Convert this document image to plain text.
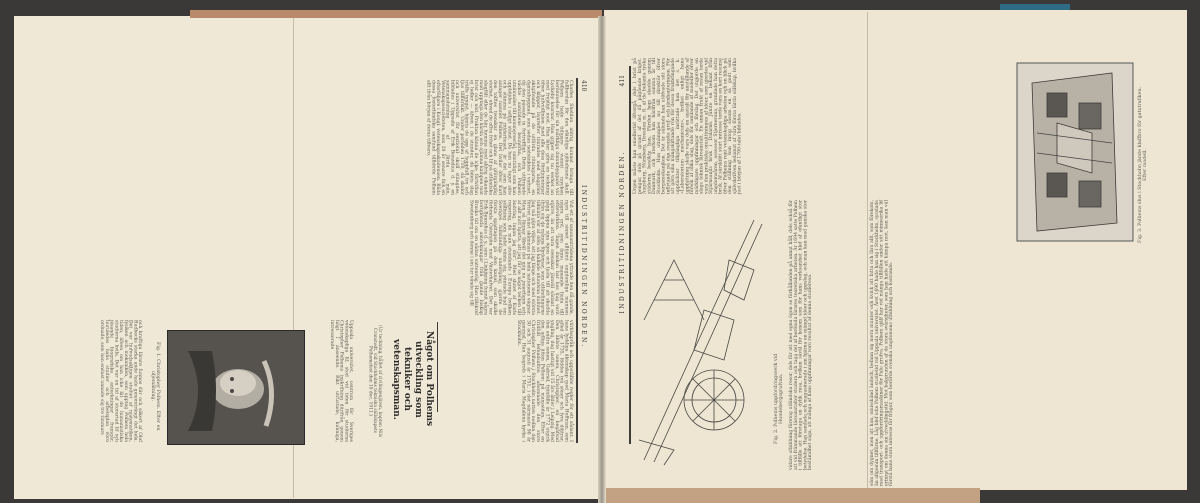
410
INDUSTRITIDNINGEN NORDEN.
Charles Sheldon aldrig kunnat bringa till fullbordan för den oländiga sjöholmens skull. Polhem hade tidigare vunnit mycken berömmelse för sin märkliga dammbyggnad vid Lyckeby kvarnar. Han griper sig nu verket an med frejdigt mod. Han låter göra en teckning öfver hufvudlinien med alla dess fördjupningar och klippor, hvarefter timrades med noggrant aktgifvande på de utförda ritningarna, en dammbyggnad, som sedan nedsänktes i vattnet, då den passade in fortreffligt. Detta utförande väckte samtidens beundran, och Polhem utnämndes till kommerseråd, samtidigt som han upphöjdes i adligt stånd. Då han nu tager säte och stämma på riddarhuset, är det som han antager namnet Polhem. Det hvilar öfver Karl den tolftes tvenskar en glans af oförgänglig storhet, ehvad de offra frihet och lif på utländska slagfält eller de här hemma med aldrig vikande mod upptaga den hårda och ojämna kampen mot brist och nöd. Praktan känna de icke; förtviflan ej heller — äfven i de stunder, då ödets slag träffa tyngst, hämta de upp af hoppfull tro och ljus tillförsikt. Under perioden 1710, då skolor och universitet för sextiotal skull stängdes, bildades i Uppsala af Erik Benzelius d. y. en sammanslutning af lärda män, Vetenskapssocieteten, som 29 år senare fick en efterföljare i Kungl. vetenskapsakademien. Båda dessa fosterländska samfund tillhörde Polhem allt ifrån början af deras tillvaro.
Vid ett af sammanträdena yttrade den då gamle, men till sinnet alltjämt ungdomlige mannen några ord, som ännu manande ljuda till eftervärlden. "Ingen önskan har hos mig varit större, än att vara svenskar jämväl sådant en gång öppna sina ögon och ljuda till att skudda ifrån sig de många fördomar, som utländingarne tillmäta vår af dem så kallade afundsna dumhet. Jag må göra viljen, att jag länge och med största förtret måst skämmas på hela nationens vägnar. Men så fägnar likväl det mig nu innerligen och af allt mitt hjärta, att jag får se något tecken till ändring, innan jag dör". Med slutet af Karls regering, då man utomlands i Europa hvilken ställning som helst vänta sig, väntade bud om Sveriges fullständiga undergång, gjorde de första spadtagen på den kanal, som skulle förbinda Östersjön med Västerhafvet. Det var Erik Benzelius d. y., som i Linköping funnit några bortglömda anteckningar från gamle biskop Brasks tid om en sådan vattenväg. Han tillskref Swedenborg och denne i sin tur vände sig till
världsspråk och uppställde regler för ett sådant. I hans lyckliga äktenskap med Maria Hoffman, som afled år 1735, föddes två söner och fyra döttrar. Den äldste sonen, Christopher, en begåfvad yngling, dog hastigt vid 15 års ålder i Leipzig. Med den andra sonen, Gabriel, fränfälle år 1772 utgick den adliga ätten Polhem på manssidan. Efter en fridfull lefnadsafton afsomnade den store Christopher Polhem i Stockholm natten mellan den 30 och 31 augusti år 1751, i det närmaste 90 år gammal. Han begrofs i Maria Magdalena kyrka i Stockholm.
Något om Polhems utveckling som tekniker och vetenskapsman.
(Ur teckning, hållet af civilingenjören, kapten Nils Cronstedt, vid Stockholms tekniska sällskapets Polhemsfest den 18 dec. 1911.)
Uppsala universitet, centrum för Sveriges vetenskapliga lif, stod vid tiden för studierna Christopher Polhems inskrifning därifrån genom högt i anseende. Rikt utrustade, kunniga, intresserade
Fig. 1. Christopher Polhem. Efter en oljemålning.
och kraftiga lärare funnos där och säkert af Olof Rudbecks starka ande hade genomträngt det hela. Det var hufvudsakligen studiet af matematiken, fysiken och mekaniken, som upptog Polhem hela tiden, äfven om han icke lät de humanistiska studierna hvila. Det var en tid af storartad lif och jäsande biografiska anteckningar framgår, huruledes hans studier och arbetsplan voro ordnade, som han endast unnade sig tre timmars
411
INDUSTRITIDNINGEN NORDEN.
Urgen måste han emellertid öfvergå, dels i brist på pengar, dels på grund af det då pågående kriget. Augsburg, Nürnberg, Dresden m. fl. af de bekanta tyska städerna besökte han. Färden hem skedde genom Danmark, och återkom han härifrån samma år till Stockholm. Han utnämndes nu till direktör öfver bergsmekaniken. Det är sålunda han utöfvade sitt stora inflytande på den svenska gruf- och järnhanteringen. För att göra sina mångskiftande rön för dessa frukbringande upptäckter tillgängliga inrättade han det s. k. »Laboratorium mechanicum», hvilket enligt hans uppfattning skulle vara dels en anstalt för anställande af försök af olika slag, dels för samlande af modeller öfver märkligare uppfinningar och förslag. Det utgjorde en slags teknisk läroanstalt. En annan frukt af resan torde vara den praktiska omsättningen af idéer, som gjordes vid Stjärnsunds bruk i Dalarne. Jämte en bekant från ungdomsåren, assessor Stjernerona, grundade han detta bruk. Af särskildt stort intresse torde vara en kort resumé öfver Polhems rent vetenskapliga arbeten och en blick på den ställning han intog såsom en så godt som självskrifven ledamot af våra första lärda sällskap, hvilka just i början af 1700-talet bildades.
Fig. 2. Polhems uppfordringsverk vid Humlebergsgrufvan.	vidare utbildning företog utländska resor, dels för att med egna ögon se förhållanden på annat håll, dels också för att vid främmande läroanstalter studera och taga del af berömda lärares teoretiska arbeten. År 1694 satte Polhem i tillfälle att företaga en dylik resa, hvilken såväl för honom som för hans verksamhet blef af ofantligt stor betydelse. Han samlade och magasinerade i sin hjärna en mängd idéer och uppslag, och man kan med ganska stor bestämdhet säga, att många af hans uppfinningar voro resultat af denna studieresa.	söm om dygnet, men att han, omisskänd ändock, befann sig mera munter och kvick att fatta och lära allt, som förekom, än allgemin tillförne. Låg blef icke Polhem studietid vid Uppsala universitet. Året 1690 hade han sig i Stockholm, sysslade med transport- och uppfordringsmaskiner för Falu grufva. Polhem själf har vid många tillfällen under sitt minnesrika lif erinrat om denna sin utvecklingstid. Mot bakgrunden af de stora svårigheter, som han hade att kämpa mot, kan man väl förstå hans stora intresse för frågor, som berörde svenska ungdomens utbildning och fostrande.
Fig. 3. Polhems slus i Stockholm jämte klaffbro för gatutrafiken. Efter modell.
